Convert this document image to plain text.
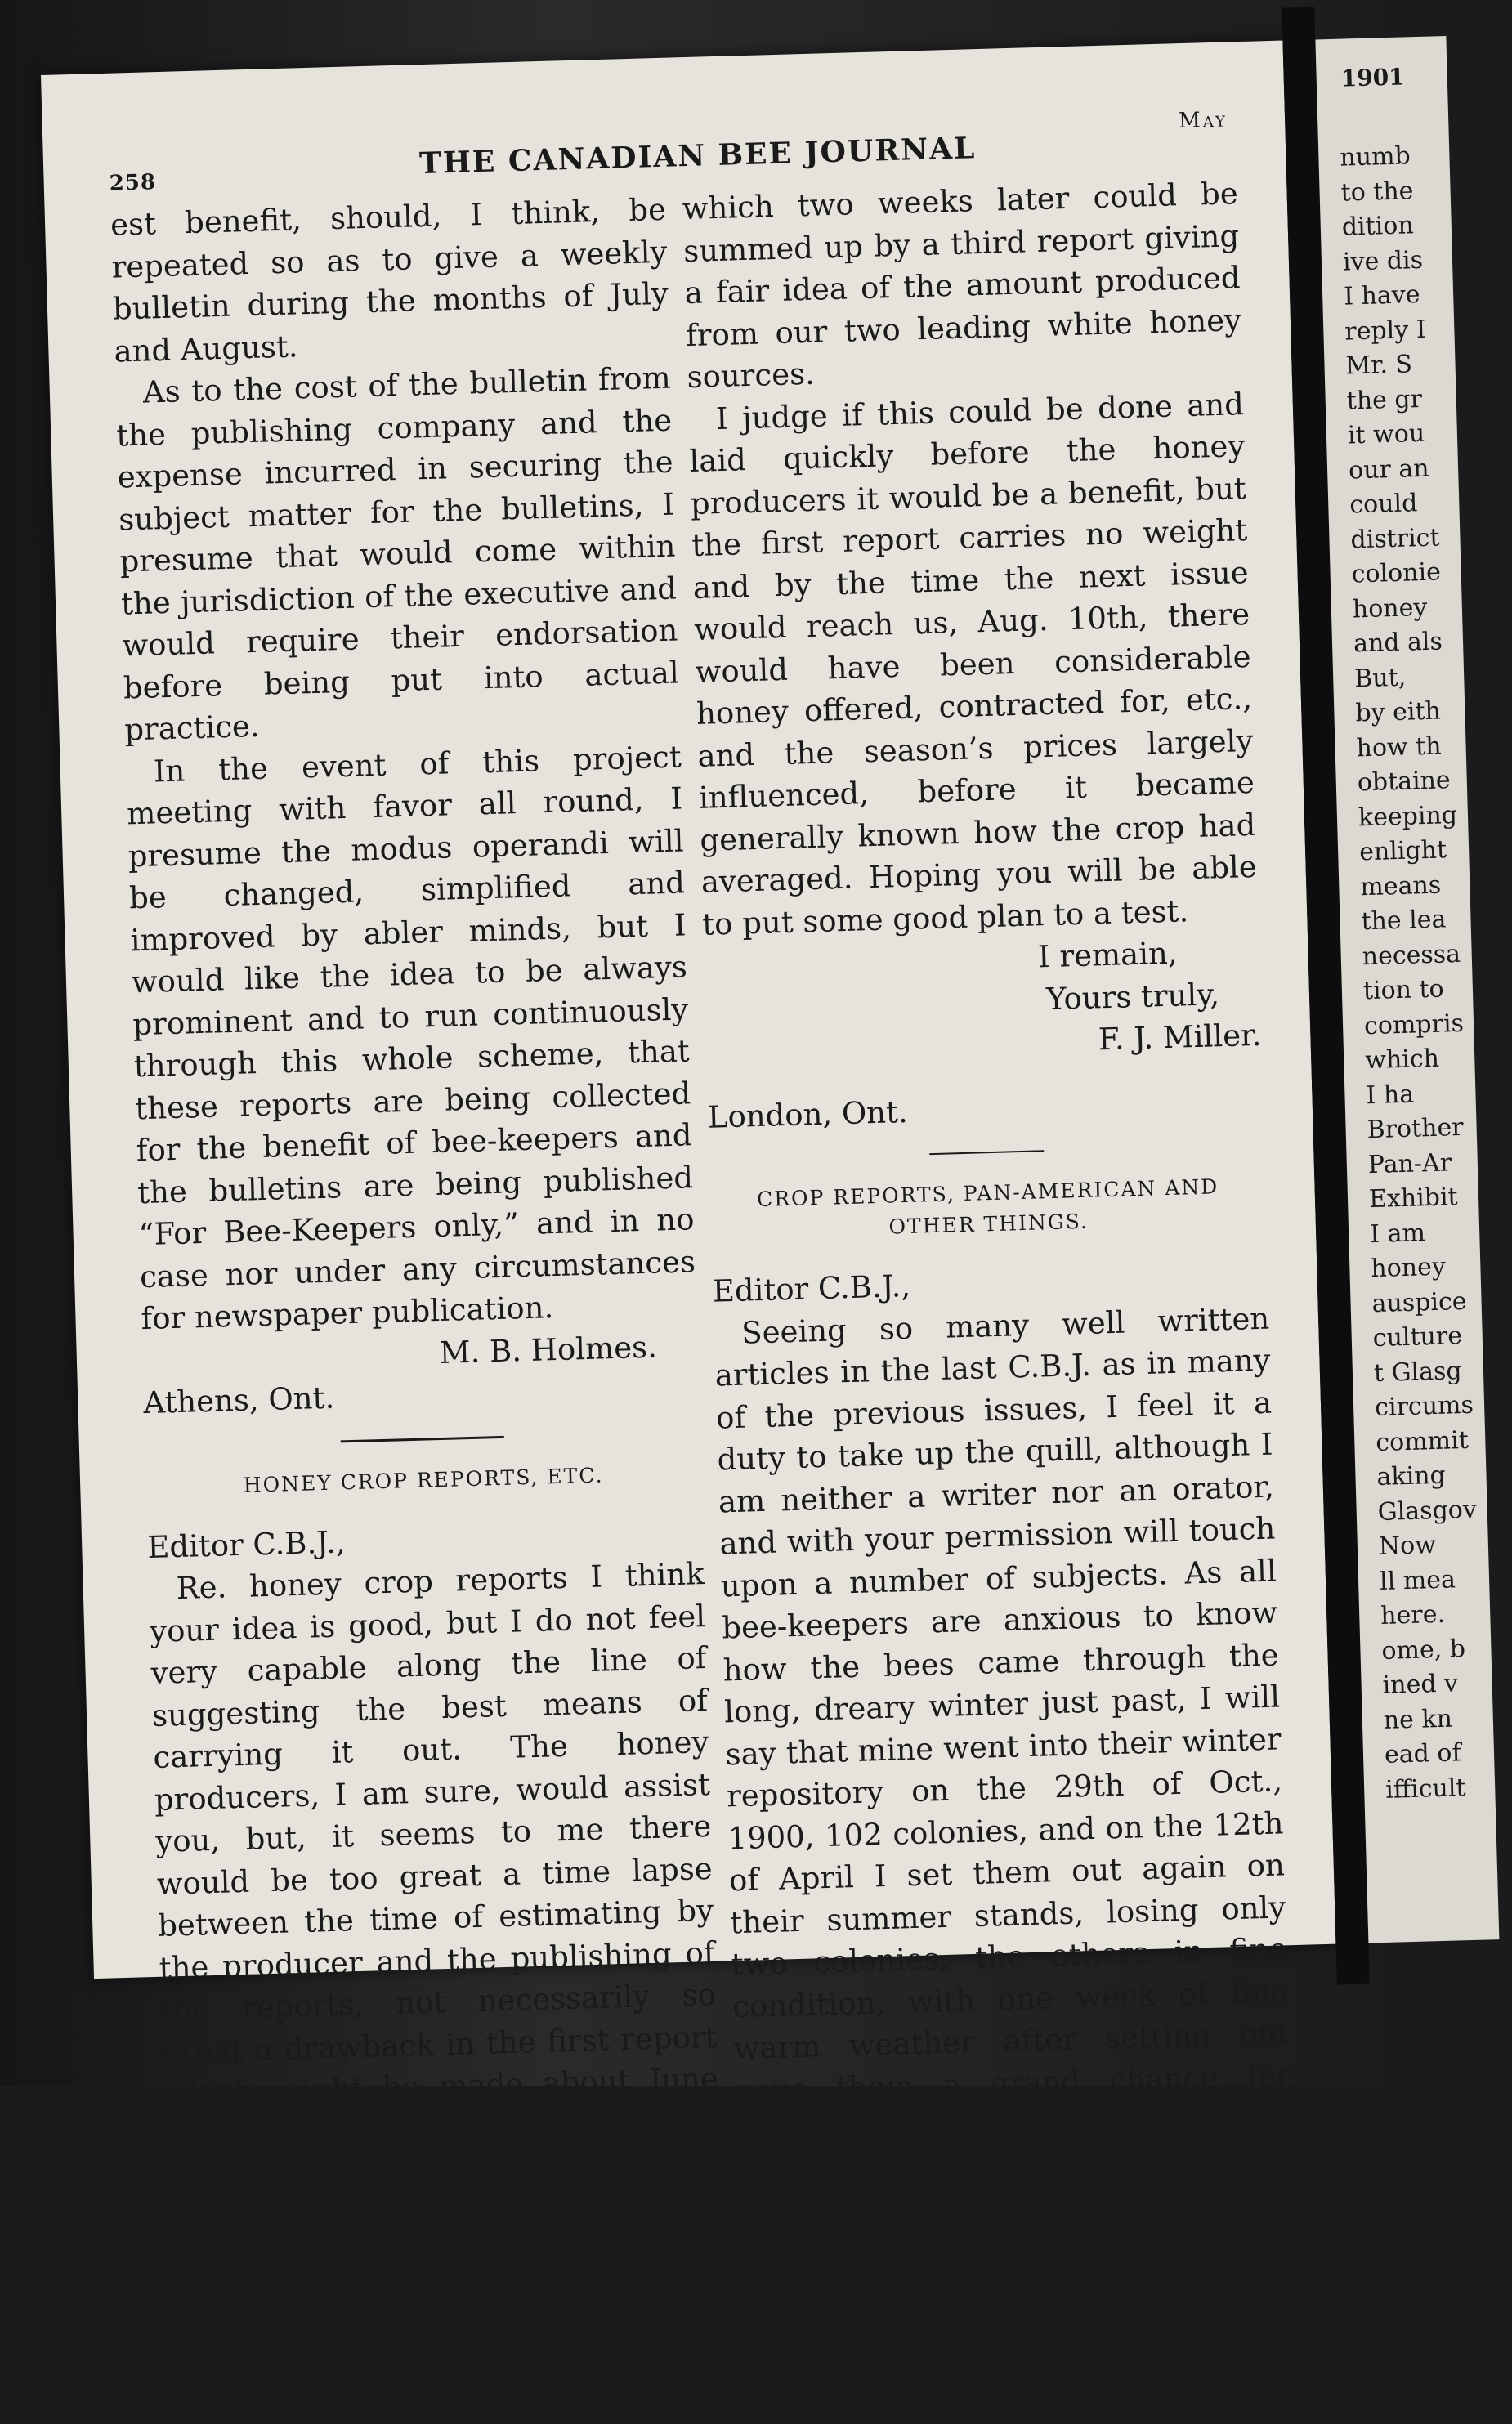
258
THE CANADIAN BEE JOURNAL
May

est benefit, should, I think, be repeated so as to give a weekly bulletin during the months of July and August.

As to the cost of the bulletin from the publishing company and the expense incurred in securing the subject matter for the bulletins, I presume that would come within the jurisdiction of the executive and would require their endorsation before being put into actual practice.

In the event of this project meeting with favor all round, I presume the modus operandi will be changed, simplified and improved by abler minds, but I would like the idea to be always prominent and to run continuously through this whole scheme, that these reports are being collected for the benefit of bee-keepers and the bulletins are being published “For Bee-Keepers only,” and in no case nor under any circumstances for newspaper publication.

M. B. Holmes.

Athens, Ont.

HONEY CROP REPORTS, ETC.

Editor C.B.J.,

Re. honey crop reports I think your idea is good, but I do not feel very capable along the line of suggesting the best means of carrying it out. The honey producers, I am sure, would assist you, but, it seems to me there would be too great a time lapse between the time of estimating by the producer and the publishing of the reports, not necessarily so great a drawback in the first report which might be made about June 25th, but, this report would simply be a supposition and would require to be followed by a second in about two weeks, which would give a fair estimate of the clover honey produced. Then could be included the basswood prospects,

which two weeks later could be summed up by a third report giving a fair idea of the amount produced from our two leading white honey sources.

I judge if this could be done and laid quickly before the honey producers it would be a benefit, but the first report carries no weight and by the time the next issue would reach us, Aug. 10th, there would have been considerable honey offered, contracted for, etc., and the season’s prices largely influenced, before it became generally known how the crop had averaged. Hoping you will be able to put some good plan to a test.

I remain,

Yours truly,

F. J. Miller.

London, Ont.

CROP REPORTS, PAN-AMERICAN AND OTHER THINGS.

Editor C.B.J.,

Seeing so many well written articles in the last C.B.J. as in many of the previous issues, I feel it a duty to take up the quill, although I am neither a writer nor an orator, and with your permission will touch upon a number of subjects. As all bee-keepers are anxious to know how the bees came through the long, dreary winter just past, I will say that mine went into their winter repository on the 29th of Oct., 1900, 102 colonies, and on the 12th of April I set them out again on their summer stands, losing only two colonies; the others in fine condition, with one week of fine warm weather after setting out gave them a grand chance for house cleaning.

There has been very little frost in the ground in this section of the country and prospects are good for a clover crop.

Re. your suggestions in the March

1901
numb
to the
dition
ive dis
I have
reply I
Mr. S
the gr
it wou
our an
could
district
colonie
honey
and als
But,
by eith
how th
obtaine
keeping
enlight
means
the lea
necessa
tion to
compris
which
I ha
Brother
Pan-Ar
Exhibit
I am
honey
auspice
culture
t Glasg
circums
commit
aking
Glasgov
Now
ll mea
here.
ome, b
ined v
ne kn
ead of
ifficult
